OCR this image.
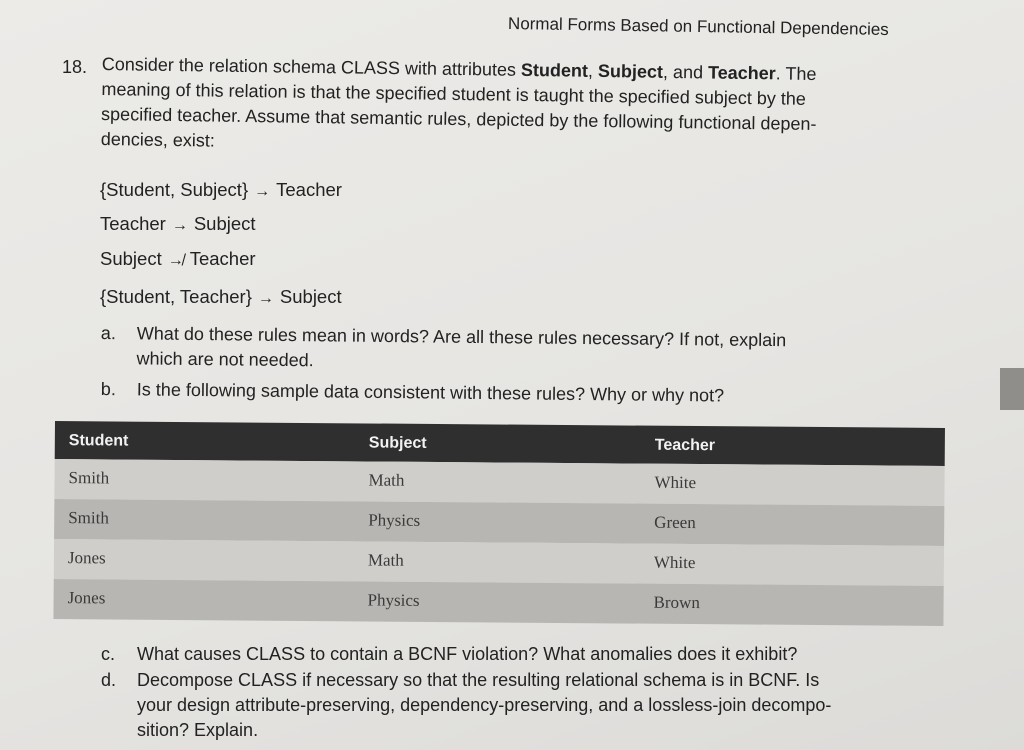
Normal Forms Based on Functional Dependencies
18. Consider the relation schema CLASS with attributes Student, Subject, and Teacher. The
meaning of this relation is that the specified student is taught the specified subject by the
specified teacher. Assume that semantic rules, depicted by the following functional depen-
dencies, exist:
{Student, Subject} → Teacher
Teacher → Subject
Subject ↛ Teacher
{Student, Teacher} → Subject
a. What do these rules mean in words? Are all these rules necessary? If not, explain
which are not needed.
b. Is the following sample data consistent with these rules? Why or why not?
Student	Subject	Teacher
Smith	Math	White
Smith	Physics	Green
Jones	Math	White
Jones	Physics	Brown
c. What causes CLASS to contain a BCNF violation? What anomalies does it exhibit?
d. Decompose CLASS if necessary so that the resulting relational schema is in BCNF. Is
your design attribute-preserving, dependency-preserving, and a lossless-join decompo-
sition? Explain.
